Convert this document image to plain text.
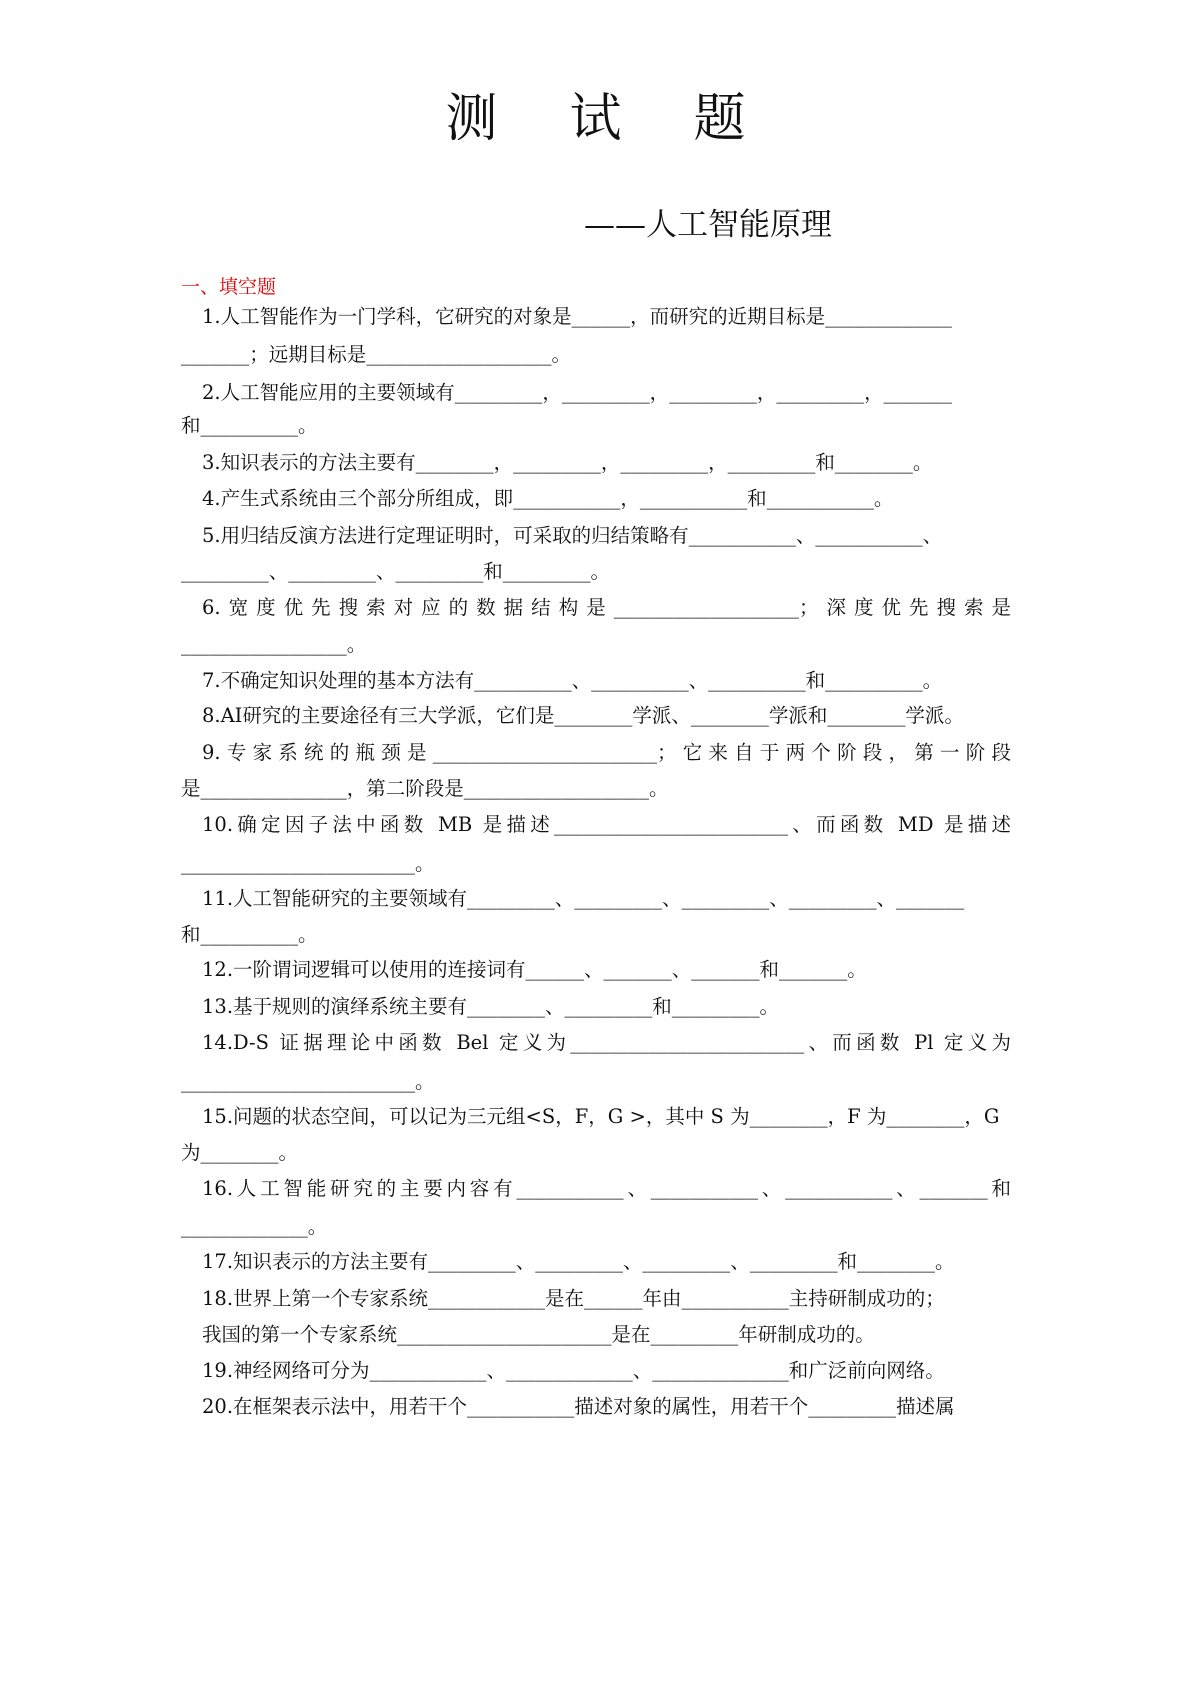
测 试 题
——人工智能原理
一、填空题
1.人工智能作为一门学科，它研究的对象是______，而研究的近期目标是_____________
_______；远期目标是___________________。
2.人工智能应用的主要领域有_________，_________，_________，_________，_______
和__________。
3.知识表示的方法主要有________，_________，_________，_________和________。
4.产生式系统由三个部分所组成，即___________，___________和___________。
5.用归结反演方法进行定理证明时，可采取的归结策略有___________、___________、
_________、_________、_________和_________。
6.宽度优先搜索对应的数据结构是___________________；深度优先搜索是
_________________。
7.不确定知识处理的基本方法有__________、__________、__________和__________。
8.AI研究的主要途径有三大学派，它们是________学派、________学派和________学派。
9.专家系统的瓶颈是_______________________；它来自于两个阶段，第一阶段
是_______________，第二阶段是___________________。
10.确定因子法中函数 MB 是描述________________________、而函数 MD 是描述
________________________。
11.人工智能研究的主要领域有_________、_________、_________、_________、_______
和__________。
12.一阶谓词逻辑可以使用的连接词有______、_______、_______和_______。
13.基于规则的演绎系统主要有________、_________和_________。
14.D-S 证据理论中函数 Bel 定义为________________________、而函数 Pl 定义为
________________________。
15.问题的状态空间，可以记为三元组<S，F，G >，其中 S 为________，F 为________，G
为________。
16.人工智能研究的主要内容有___________、___________、___________、_______和
_____________。
17.知识表示的方法主要有_________、_________、_________、_________和________。
18.世界上第一个专家系统____________是在______年由___________主持研制成功的；
我国的第一个专家系统______________________是在_________年研制成功的。
19.神经网络可分为____________、_____________、______________和广泛前向网络。
20.在框架表示法中，用若干个___________描述对象的属性，用若干个_________描述属
